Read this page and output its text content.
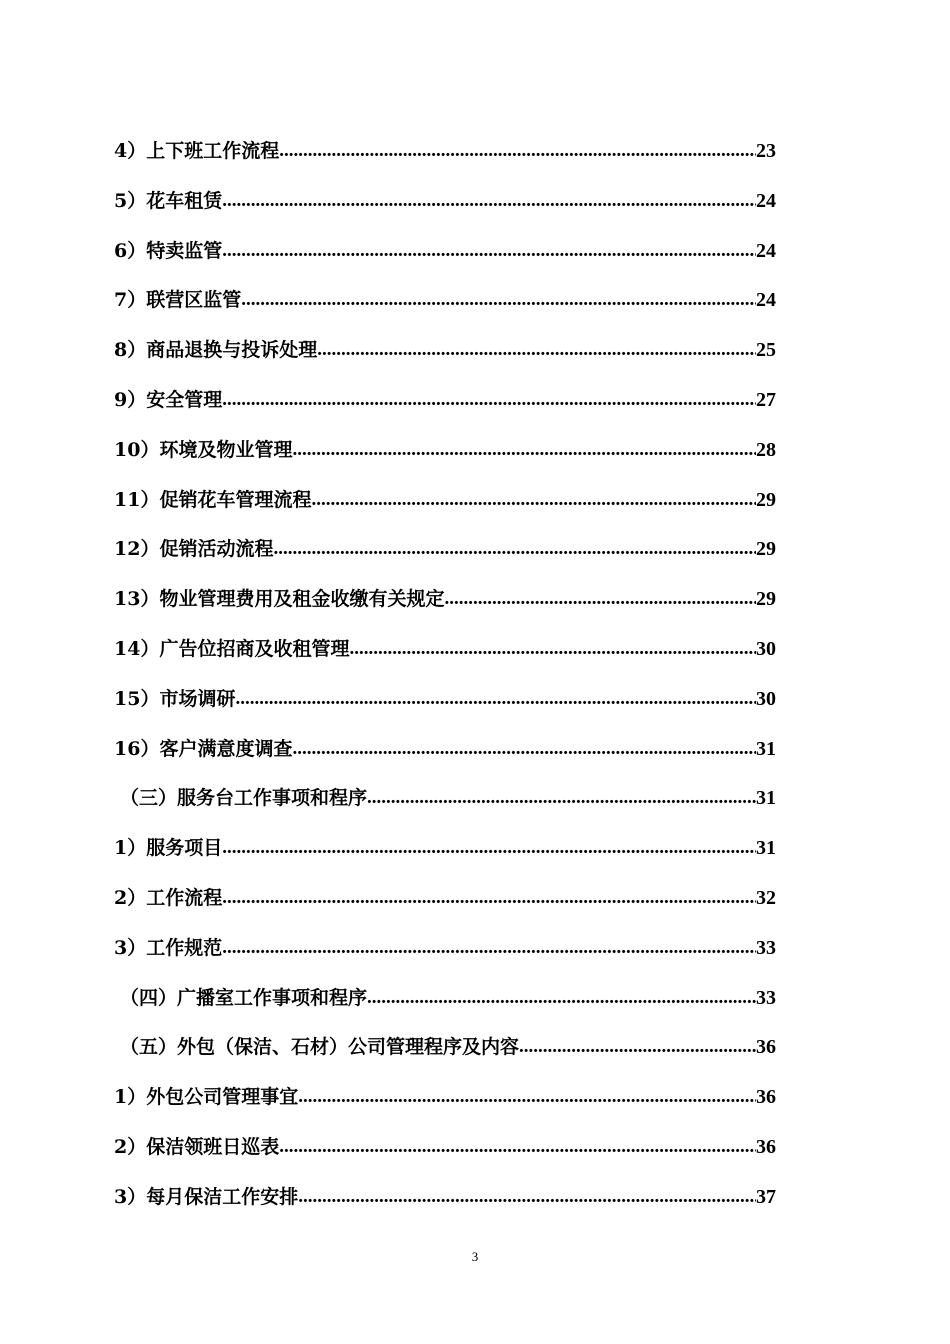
4）上下班工作流程 .....	23
5）花车租赁 .....	24
6）特卖监管 .....	24
7）联营区监管 .....	24
8）商品退换与投诉处理 .....	25
9）安全管理 .....	27
10）环境及物业管理 .....	28
11）促销花车管理流程 .....	29
12）促销活动流程 .....	29
13）物业管理费用及租金收缴有关规定 .....	29
14）广告位招商及收租管理 .....	30
15）市场调研 .....	30
16）客户满意度调查 .....	31
（三）服务台工作事项和程序 .....	31
1）服务项目 .....	31
2）工作流程 .....	32
3）工作规范 .....	33
（四）广播室工作事项和程序 .....	33
（五）外包（保洁、石材）公司管理程序及内容 .....	36
1）外包公司管理事宜 .....	36
2）保洁领班日巡表 .....	36
3）每月保洁工作安排 .....	37
3
